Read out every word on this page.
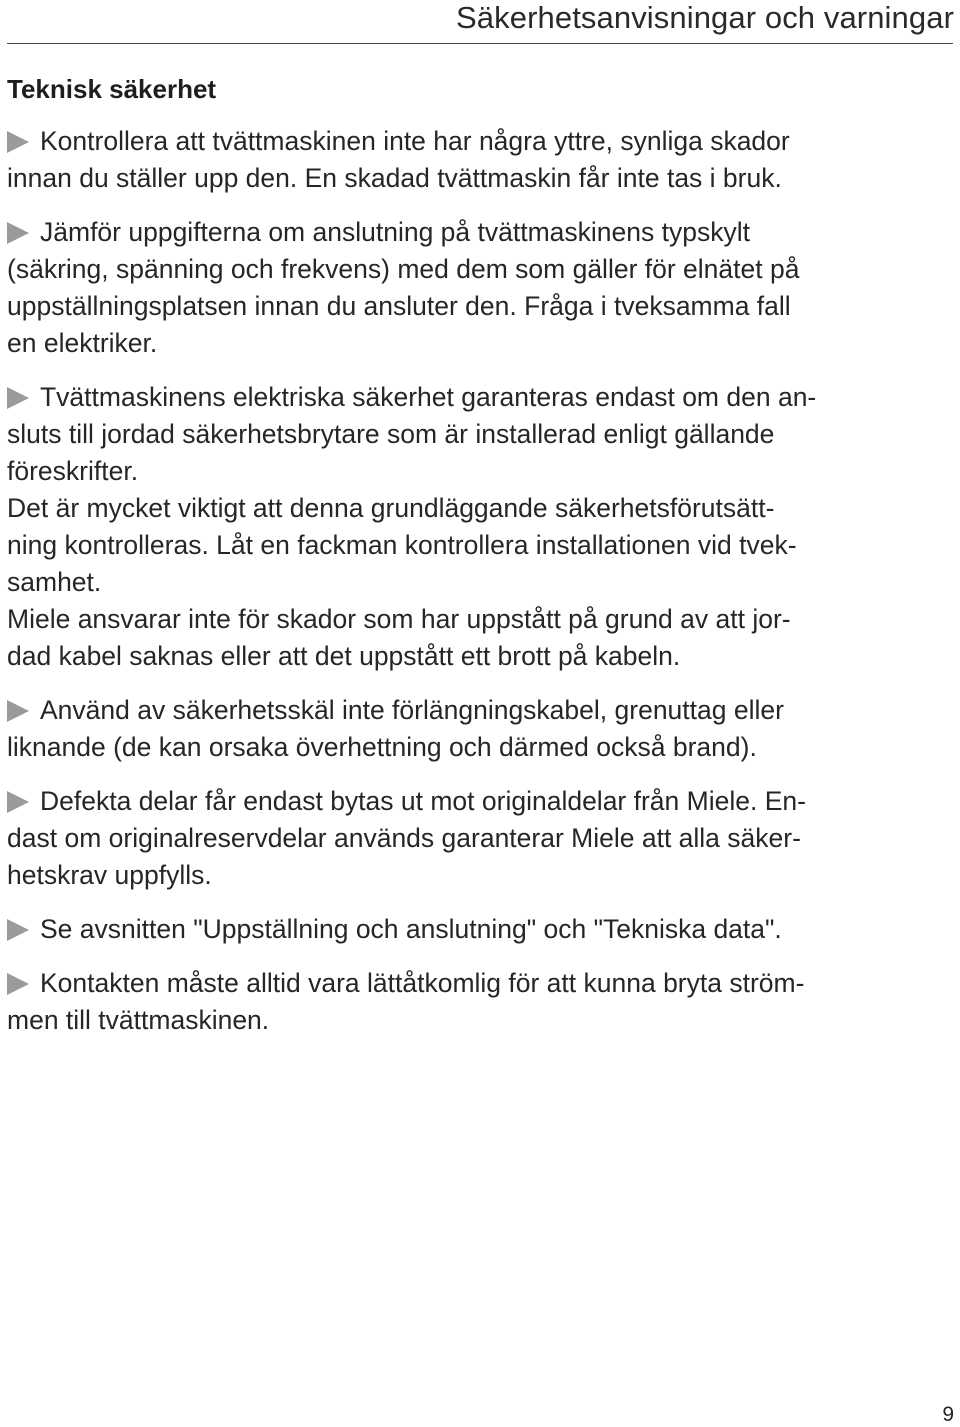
Säkerhetsanvisningar och varningar
Teknisk säkerhet

Kontrollera att tvättmaskinen inte har några yttre, synliga skador
innan du ställer upp den. En skadad tvättmaskin får inte tas i bruk.

Jämför uppgifterna om anslutning på tvättmaskinens typskylt
(säkring, spänning och frekvens) med dem som gäller för elnätet på
uppställningsplatsen innan du ansluter den. Fråga i tveksamma fall
en elektriker.

Tvättmaskinens elektriska säkerhet garanteras endast om den an-
sluts till jordad säkerhetsbrytare som är installerad enligt gällande
föreskrifter.

Det är mycket viktigt att denna grundläggande säkerhetsförutsätt-
ning kontrolleras. Låt en fackman kontrollera installationen vid tvek-
samhet.

Miele ansvarar inte för skador som har uppstått på grund av att jor-
dad kabel saknas eller att det uppstått ett brott på kabeln.

Använd av säkerhetsskäl inte förlängningskabel, grenuttag eller
liknande (de kan orsaka överhettning och därmed också brand).

Defekta delar får endast bytas ut mot originaldelar från Miele. En-
dast om originalreservdelar används garanterar Miele att alla säker-
hetskrav uppfylls.

Se avsnitten "Uppställning och anslutning" och "Tekniska data".

Kontakten måste alltid vara lättåtkomlig för att kunna bryta ström-
men till tvättmaskinen.

9
